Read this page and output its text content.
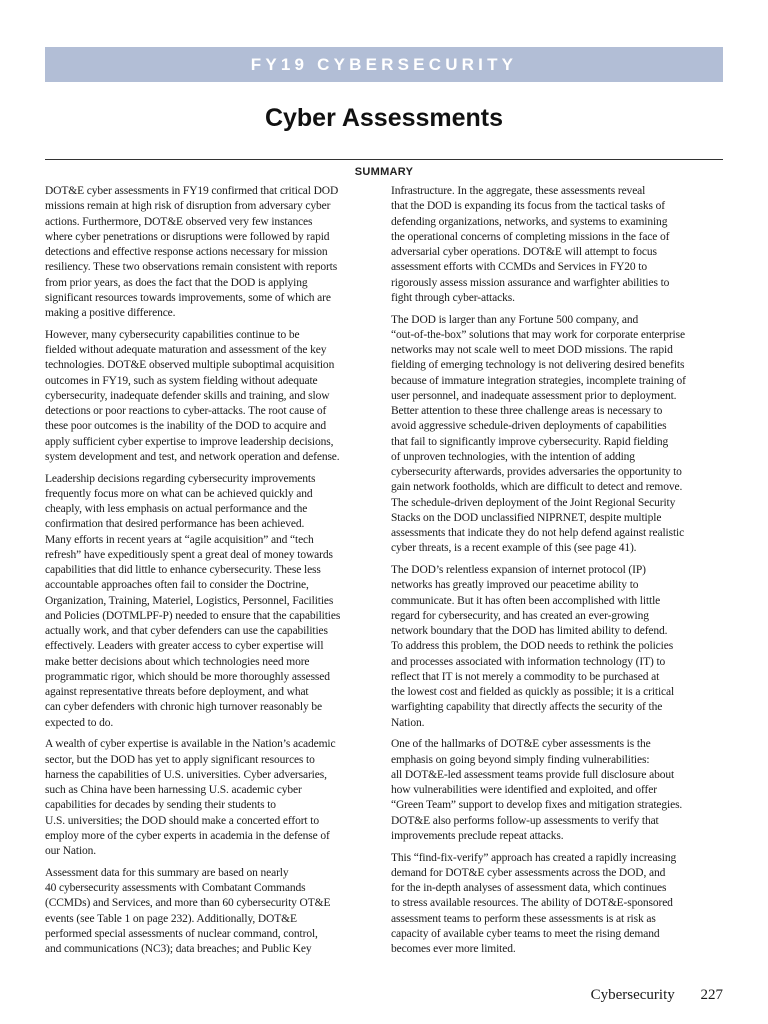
FY19 CYBERSECURITY
Cyber Assessments
SUMMARY

DOT&E cyber assessments in FY19 confirmed that critical DOD
missions remain at high risk of disruption from adversary cyber
actions. Furthermore, DOT&E observed very few instances
where cyber penetrations or disruptions were followed by rapid
detections and effective response actions necessary for mission
resiliency. These two observations remain consistent with reports
from prior years, as does the fact that the DOD is applying
significant resources towards improvements, some of which are
making a positive difference.

However, many cybersecurity capabilities continue to be
fielded without adequate maturation and assessment of the key
technologies. DOT&E observed multiple suboptimal acquisition
outcomes in FY19, such as system fielding without adequate
cybersecurity, inadequate defender skills and training, and slow
detections or poor reactions to cyber-attacks. The root cause of
these poor outcomes is the inability of the DOD to acquire and
apply sufficient cyber expertise to improve leadership decisions,
system development and test, and network operation and defense.

Leadership decisions regarding cybersecurity improvements
frequently focus more on what can be achieved quickly and
cheaply, with less emphasis on actual performance and the
confirmation that desired performance has been achieved.
Many efforts in recent years at “agile acquisition” and “tech
refresh” have expeditiously spent a great deal of money towards
capabilities that did little to enhance cybersecurity. These less
accountable approaches often fail to consider the Doctrine,
Organization, Training, Materiel, Logistics, Personnel, Facilities
and Policies (DOTMLPF-P) needed to ensure that the capabilities
actually work, and that cyber defenders can use the capabilities
effectively. Leaders with greater access to cyber expertise will
make better decisions about which technologies need more
programmatic rigor, which should be more thoroughly assessed
against representative threats before deployment, and what
can cyber defenders with chronic high turnover reasonably be
expected to do.

A wealth of cyber expertise is available in the Nation’s academic
sector, but the DOD has yet to apply significant resources to
harness the capabilities of U.S. universities. Cyber adversaries,
such as China have been harnessing U.S. academic cyber
capabilities for decades by sending their students to
U.S. universities; the DOD should make a concerted effort to
employ more of the cyber experts in academia in the defense of
our Nation.

Assessment data for this summary are based on nearly
40 cybersecurity assessments with Combatant Commands
(CCMDs) and Services, and more than 60 cybersecurity OT&E
events (see Table 1 on page 232). Additionally, DOT&E
performed special assessments of nuclear command, control,
and communications (NC3); data breaches; and Public Key

Infrastructure. In the aggregate, these assessments reveal
that the DOD is expanding its focus from the tactical tasks of
defending organizations, networks, and systems to examining
the operational concerns of completing missions in the face of
adversarial cyber operations. DOT&E will attempt to focus
assessment efforts with CCMDs and Services in FY20 to
rigorously assess mission assurance and warfighter abilities to
fight through cyber-attacks.

The DOD is larger than any Fortune 500 company, and
“out-of-the-box” solutions that may work for corporate enterprise
networks may not scale well to meet DOD missions. The rapid
fielding of emerging technology is not delivering desired benefits
because of immature integration strategies, incomplete training of
user personnel, and inadequate assessment prior to deployment.
Better attention to these three challenge areas is necessary to
avoid aggressive schedule-driven deployments of capabilities
that fail to significantly improve cybersecurity. Rapid fielding
of unproven technologies, with the intention of adding
cybersecurity afterwards, provides adversaries the opportunity to
gain network footholds, which are difficult to detect and remove.
The schedule-driven deployment of the Joint Regional Security
Stacks on the DOD unclassified NIPRNET, despite multiple
assessments that indicate they do not help defend against realistic
cyber threats, is a recent example of this (see page 41).

The DOD’s relentless expansion of internet protocol (IP)
networks has greatly improved our peacetime ability to
communicate. But it has often been accomplished with little
regard for cybersecurity, and has created an ever-growing
network boundary that the DOD has limited ability to defend.
To address this problem, the DOD needs to rethink the policies
and processes associated with information technology (IT) to
reflect that IT is not merely a commodity to be purchased at
the lowest cost and fielded as quickly as possible; it is a critical
warfighting capability that directly affects the security of the
Nation.

One of the hallmarks of DOT&E cyber assessments is the
emphasis on going beyond simply finding vulnerabilities:
all DOT&E-led assessment teams provide full disclosure about
how vulnerabilities were identified and exploited, and offer
“Green Team” support to develop fixes and mitigation strategies.
DOT&E also performs follow-up assessments to verify that
improvements preclude repeat attacks.

This “find-fix-verify” approach has created a rapidly increasing
demand for DOT&E cyber assessments across the DOD, and
for the in-depth analyses of assessment data, which continues
to stress available resources. The ability of DOT&E-sponsored
assessment teams to perform these assessments is at risk as
capacity of available cyber teams to meet the rising demand
becomes ever more limited.

Cybersecurity 227
